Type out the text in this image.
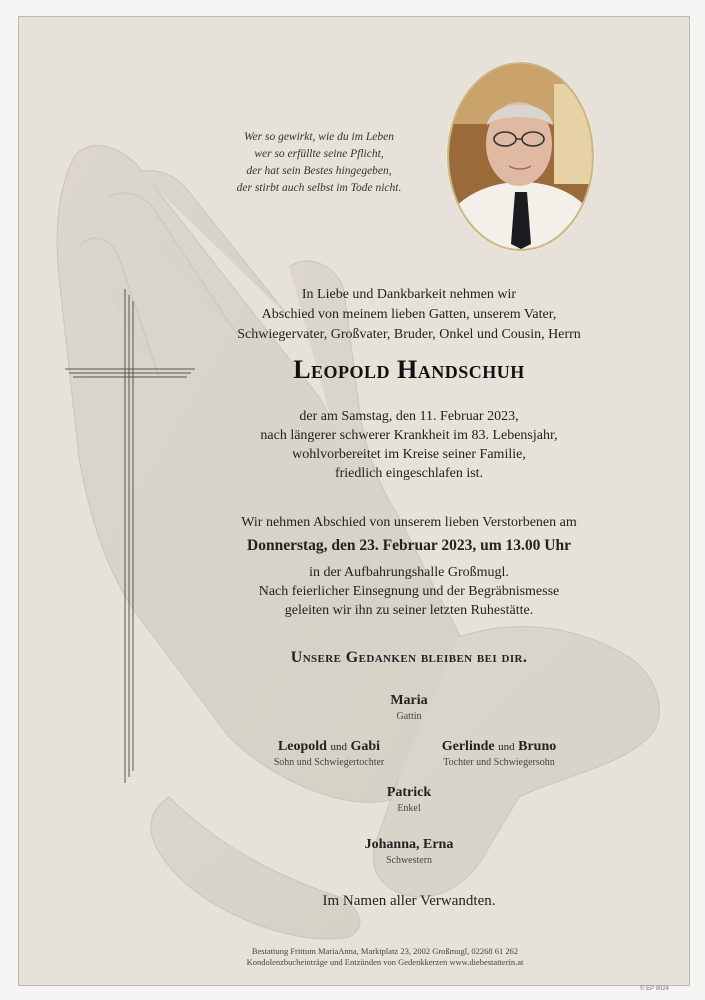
Wer so gewirkt, wie du im Leben
wer so erfüllte seine Pflicht,
der hat sein Bestes hingegeben,
der stirbt auch selbst im Tode nicht.
In Liebe und Dankbarkeit nehmen wir
Abschied von meinem lieben Gatten, unserem Vater,
Schwiegervater, Großvater, Bruder, Onkel und Cousin, Herrn
Leopold Handschuh
der am Samstag, den 11. Februar 2023,
nach längerer schwerer Krankheit im 83. Lebensjahr,
wohlvorbereitet im Kreise seiner Familie,
friedlich eingeschlafen ist.
Wir nehmen Abschied von unserem lieben Verstorbenen am
Donnerstag, den 23. Februar 2023, um 13.00 Uhr
in der Aufbahrungshalle Großmugl.
Nach feierlicher Einsegnung und der Begräbnismesse
geleiten wir ihn zu seiner letzten Ruhestätte.
Unsere Gedanken bleiben bei dir.
Maria
Gattin
Leopold und Gabi
Sohn und Schwiegertochter
Gerlinde und Bruno
Tochter und Schwiegersohn
Patrick
Enkel
Johanna, Erna
Schwestern
Im Namen aller Verwandten.
Bestattung Frittum MariaAnna, Marktplatz 23, 2002 Großmugl, 02268 61 262
Kondolenzbucheinträge und Entzünden von Gedenkkerzen www.diebestatterin.at
© EP 9024
